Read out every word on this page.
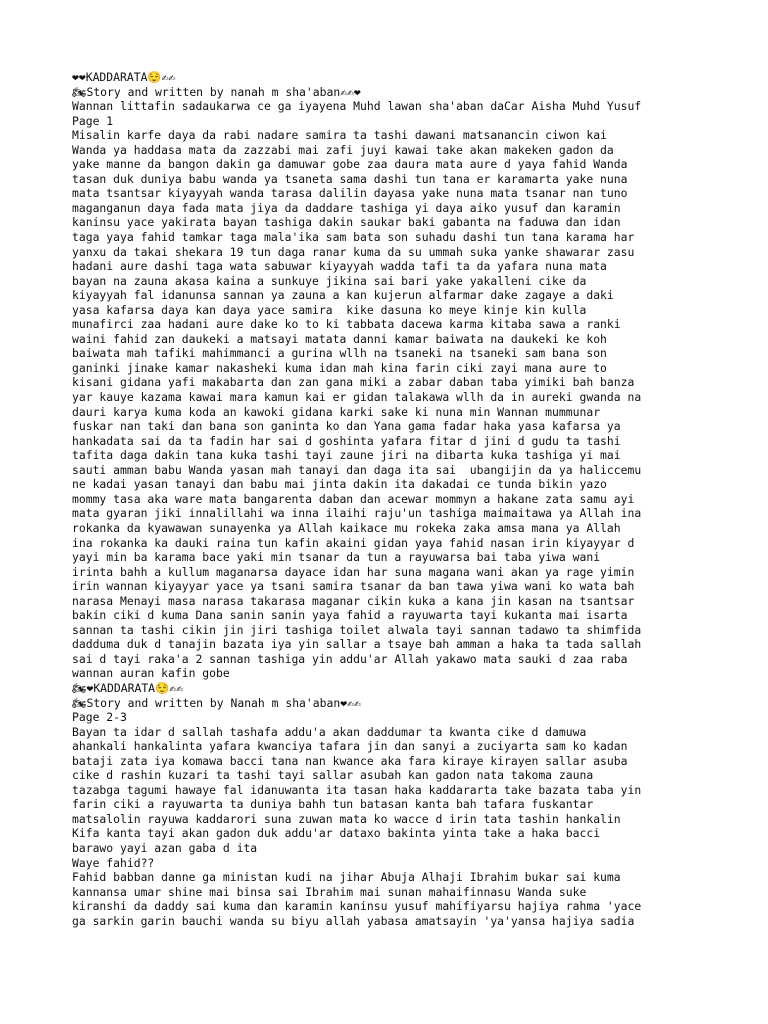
❤❤KADDARATA😌✍✍
🏍Story and written by nanah m sha'aban✍✍❤
Wannan littafin sadaukarwa ce ga iyayena Muhd lawan sha'aban daCar Aisha Muhd Yusuf
Page 1
Misalin karfe daya da rabi nadare samira ta tashi dawani matsanancin ciwon kai
Wanda ya haddasa mata da zazzabi mai zafi juyi kawai take akan makeken gadon da
yake manne da bangon dakin ga damuwar gobe zaa daura mata aure d yaya fahid Wanda
tasan duk duniya babu wanda ya tsaneta sama dashi tun tana er karamarta yake nuna
mata tsantsar kiyayyah wanda tarasa dalilin dayasa yake nuna mata tsanar nan tuno
maganganun daya fada mata jiya da daddare tashiga yi daya aiko yusuf dan karamin
kaninsu yace yakirata bayan tashiga dakin saukar baki gabanta na faduwa dan idan
taga yaya fahid tamkar taga mala'ika sam bata son suhadu dashi tun tana karama har
yanxu da takai shekara 19 tun daga ranar kuma da su ummah suka yanke shawarar zasu
hadani aure dashi taga wata sabuwar kiyayyah wadda tafi ta da yafara nuna mata
bayan na zauna akasa kaina a sunkuye jikina sai bari yake yakalleni cike da
kiyayyah fal idanunsa sannan ya zauna a kan kujerun alfarmar dake zagaye a daki
yasa kafarsa daya kan daya yace samira  kike dasuna ko meye kinje kin kulla
munafirci zaa hadani aure dake ko to ki tabbata dacewa karma kitaba sawa a ranki
waini fahid zan daukeki a matsayi matata danni kamar baiwata na daukeki ke koh
baiwata mah tafiki mahimmanci a gurina wllh na tsaneki na tsaneki sam bana son
ganinki jinake kamar nakasheki kuma idan mah kina farin ciki zayi mana aure to
kisani gidana yafi makabarta dan zan gana miki a zabar daban taba yimiki bah banza
yar kauye kazama kawai mara kamun kai er gidan talakawa wllh da in aureki gwanda na
dauri karya kuma koda an kawoki gidana karki sake ki nuna min Wannan mummunar
fuskar nan taki dan bana son ganinta ko dan Yana gama fadar haka yasa kafarsa ya
hankadata sai da ta fadin har sai d goshinta yafara fitar d jini d gudu ta tashi
tafita daga dakin tana kuka tashi tayi zaune jiri na dibarta kuka tashiga yi mai
sauti amman babu Wanda yasan mah tanayi dan daga ita sai  ubangijin da ya haliccemu
ne kadai yasan tanayi dan babu mai jinta dakin ita dakadai ce tunda bikin yazo
mommy tasa aka ware mata bangarenta daban dan acewar mommyn a hakane zata samu ayi
mata gyaran jiki innalillahi wa inna ilaihi raju'un tashiga maimaitawa ya Allah ina
rokanka da kyawawan sunayenka ya Allah kaikace mu rokeka zaka amsa mana ya Allah
ina rokanka ka dauki raina tun kafin akaini gidan yaya fahid nasan irin kiyayyar d
yayi min ba karama bace yaki min tsanar da tun a rayuwarsa bai taba yiwa wani
irinta bahh a kullum maganarsa dayace idan har suna magana wani akan ya rage yimin
irin wannan kiyayyar yace ya tsani samira tsanar da ban tawa yiwa wani ko wata bah
narasa Menayi masa narasa takarasa maganar cikin kuka a kana jin kasan na tsantsar
bakin ciki d kuma Dana sanin sanin yaya fahid a rayuwarta tayi kukanta mai isarta
sannan ta tashi cikin jin jiri tashiga toilet alwala tayi sannan tadawo ta shimfida
dadduma duk d tanajin bazata iya yin sallar a tsaye bah amman a haka ta tada sallah
sai d tayi raka'a 2 sannan tashiga yin addu'ar Allah yakawo mata sauki d zaa raba
wannan auran kafin gobe
🏍❤KADDARATA😌✍✍
🏍Story and written by Nanah m sha'aban❤✍✍
Page 2-3
Bayan ta idar d sallah tashafa addu'a akan daddumar ta kwanta cike d damuwa
ahankali hankalinta yafara kwanciya tafara jin dan sanyi a zuciyarta sam ko kadan
bataji zata iya komawa bacci tana nan kwance aka fara kiraye kirayen sallar asuba
cike d rashin kuzari ta tashi tayi sallar asubah kan gadon nata takoma zauna
tazabga tagumi hawaye fal idanuwanta ita tasan haka kaddararta take bazata taba yin
farin ciki a rayuwarta ta duniya bahh tun batasan kanta bah tafara fuskantar
matsalolin rayuwa kaddarori suna zuwan mata ko wacce d irin tata tashin hankalin
Kifa kanta tayi akan gadon duk addu'ar dataxo bakinta yinta take a haka bacci
barawo yayi azan gaba d ita
Waye fahid??
Fahid babban danne ga ministan kudi na jihar Abuja Alhaji Ibrahim bukar sai kuma
kannansa umar shine mai binsa sai Ibrahim mai sunan mahaifinnasu Wanda suke
kiranshi da daddy sai kuma dan karamin kaninsu yusuf mahifiyarsu hajiya rahma 'yace
ga sarkin garin bauchi wanda su biyu allah yabasa amatsayin 'ya'yansa hajiya sadia
